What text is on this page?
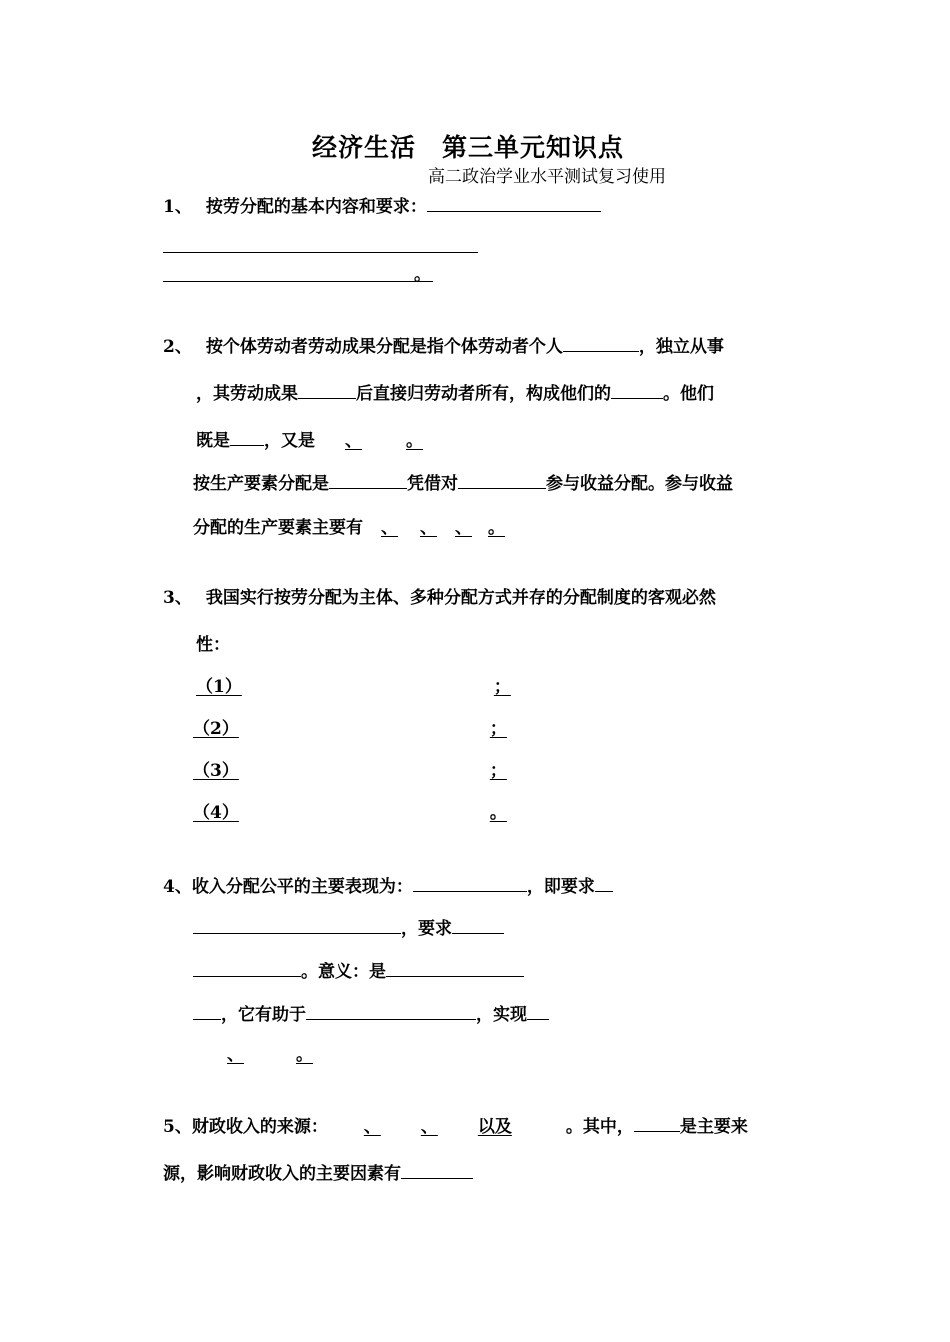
经济生活　第三单元知识点
高二政治学业水平测试复习使用
1、 按劳分配的基本内容和要求：
。
2、 按个体劳动者劳动成果分配是指个体劳动者个人	，独立从事
，其劳动成果	后直接归劳动者所有，构成他们的	。他们
既是 ，又是 、	。
按生产要素分配是	凭借对	参与收益分配。参与收益
分配的生产要素主要有 、 、 、 。
3、 我国实行按劳分配为主体、多种分配方式并存的分配制度的客观必然
性：
（1）	；
（2）	；
（3）	；
（4）	。
4、收入分配公平的主要表现为：	，即要求
，要求
。意义：是
，它有助于	，实现
、	。
5、财政收入的来源： 、 、 以及	。其中，	是主要来
源，影响财政收入的主要因素有
